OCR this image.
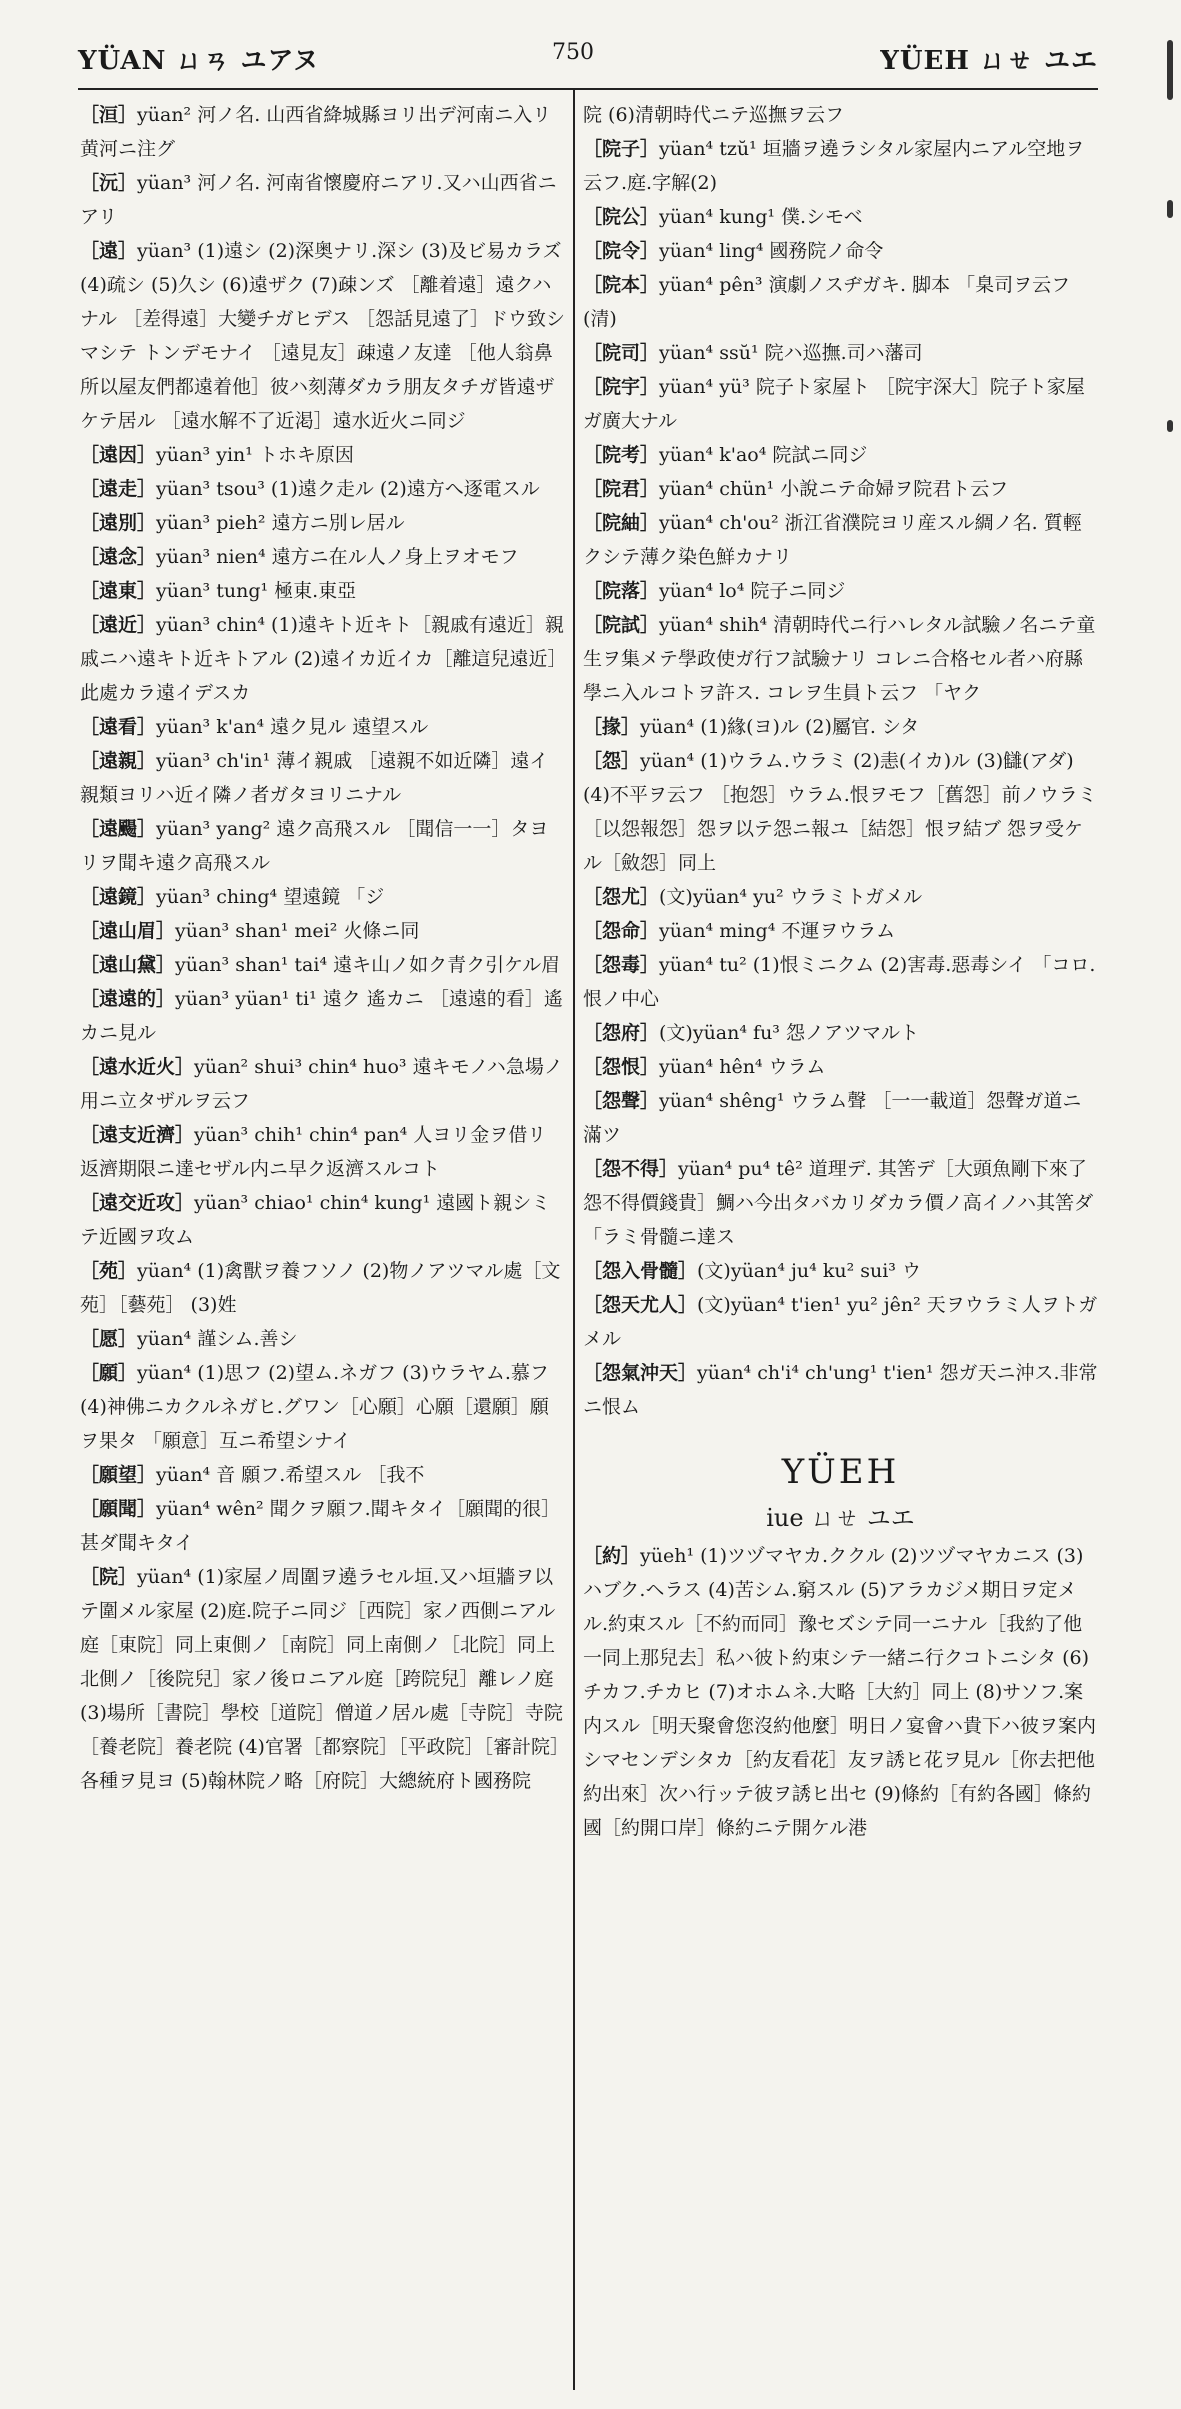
YÜAN ㄩㄢ ユアヌ	750	YÜEH ㄩㄝ ユエ

［洹］yüan² 河ノ名. 山西省絳城縣ヨリ出デ河南ニ入リ黄河ニ注グ

［沅］yüan³ 河ノ名. 河南省懷慶府ニアリ.又ハ山西省ニアリ

［遠］yüan³ (1)遠シ (2)深奥ナリ.深シ (3)及ビ易カラズ (4)疏シ (5)久シ (6)遠ザク (7)疎ンズ ［離着遠］遠クハナル ［差得遠］大變チガヒデス ［怨話見遠了］ドウ致シマシテ トンデモナイ ［遠見友］疎遠ノ友達 ［他人翁鼻所以屋友們都遠着他］彼ハ刻薄ダカラ朋友タチガ皆遠ザケテ居ル ［遠水解不了近渇］遠水近火ニ同ジ

［遠因］yüan³ yin¹ トホキ原因

［遠走］yüan³ tsou³ (1)遠ク走ル (2)遠方へ逐電スル

［遠別］yüan³ pieh² 遠方ニ別レ居ル

［遠念］yüan³ nien⁴ 遠方ニ在ル人ノ身上ヲオモフ

［遠東］yüan³ tung¹ 極東.東亞

［遠近］yüan³ chin⁴ (1)遠キト近キト［親戚有遠近］親戚ニハ遠キト近キトアル (2)遠イカ近イカ［離這兒遠近］此處カラ遠イデスカ

［遠看］yüan³ k'an⁴ 遠ク見ル 遠望スル

［遠親］yüan³ ch'in¹ 薄イ親戚 ［遠親不如近隣］遠イ親類ヨリハ近イ隣ノ者ガタヨリニナル

［遠颺］yüan³ yang² 遠ク高飛スル ［聞信一一］タヨリヲ聞キ遠ク高飛スル

［遠鏡］yüan³ ching⁴ 望遠鏡 「ジ

［遠山眉］yüan³ shan¹ mei² 火條ニ同

［遠山黛］yüan³ shan¹ tai⁴ 遠キ山ノ如ク青ク引ケル眉

［遠遠的］yüan³ yüan¹ ti¹ 遠ク 遙カニ ［遠遠的看］遙カニ見ル

［遠水近火］yüan² shui³ chin⁴ huo³ 遠キモノハ急場ノ用ニ立タザルヲ云フ

［遠支近濟］yüan³ chih¹ chin⁴ pan⁴ 人ヨリ金ヲ借リ返濟期限ニ達セザル内ニ早ク返濟スルコト

［遠交近攻］yüan³ chiao¹ chin⁴ kung¹ 遠國ト親シミテ近國ヲ攻ム

［苑］yüan⁴ (1)禽獸ヲ養フソノ (2)物ノアツマル處［文苑］［藝苑］ (3)姓

［愿］yüan⁴ 謹シム.善シ

［願］yüan⁴ (1)思フ (2)望ム.ネガフ (3)ウラヤム.慕フ (4)神佛ニカクルネガヒ.グワン［心願］心願［還願］願ヲ果タ 「願意］互ニ希望シナイ

［願望］yüan⁴ 音 願フ.希望スル ［我不

［願聞］yüan⁴ wên² 聞クヲ願フ.聞キタイ［願聞的很］甚ダ聞キタイ

［院］yüan⁴ (1)家屋ノ周圍ヲ遶ラセル垣.又ハ垣牆ヲ以テ圍メル家屋 (2)庭.院子ニ同ジ［西院］家ノ西側ニアル庭［東院］同上東側ノ［南院］同上南側ノ［北院］同上北側ノ［後院兒］家ノ後ロニアル庭［跨院兒］離レノ庭 (3)場所［書院］學校［道院］僧道ノ居ル處［寺院］寺院［養老院］養老院 (4)官署［都察院］［平政院］［審計院］各種ヲ見ヨ (5)翰林院ノ略［府院］大總統府ト國務院

院 (6)清朝時代ニテ巡撫ヲ云フ

［院子］yüan⁴ tzŭ¹ 垣牆ヲ遶ラシタル家屋内ニアル空地ヲ云フ.庭.字解(2)

［院公］yüan⁴ kung¹ 僕.シモベ

［院令］yüan⁴ ling⁴ 國務院ノ命令

［院本］yüan⁴ pên³ 演劇ノスヂガキ. 脚本 「臬司ヲ云フ(清)

［院司］yüan⁴ ssŭ¹ 院ハ巡撫.司ハ藩司

［院宇］yüan⁴ yü³ 院子ト家屋ト ［院宇深大］院子ト家屋ガ廣大ナル

［院考］yüan⁴ k'ao⁴ 院試ニ同ジ

［院君］yüan⁴ chün¹ 小說ニテ命婦ヲ院君ト云フ

［院紬］yüan⁴ ch'ou² 浙江省濮院ヨリ産スル綢ノ名. 質輕クシテ薄ク染色鮮カナリ

［院落］yüan⁴ lo⁴ 院子ニ同ジ

［院試］yüan⁴ shih⁴ 清朝時代ニ行ハレタル試驗ノ名ニテ童生ヲ集メテ學政使ガ行フ試驗ナリ コレニ合格セル者ハ府縣學ニ入ルコトヲ許ス. コレヲ生員ト云フ 「ヤク

［掾］yüan⁴ (1)緣(ヨ)ル (2)屬官. シタ

［怨］yüan⁴ (1)ウラム.ウラミ (2)恚(イカ)ル (3)讎(アダ) (4)不平ヲ云フ ［抱怨］ウラム.恨ヲモフ［舊怨］前ノウラミ［以怨報怨］怨ヲ以テ怨ニ報ユ［結怨］恨ヲ結ブ 怨ヲ受ケル［斂怨］同上

［怨尤］(文)yüan⁴ yu² ウラミトガメル

［怨命］yüan⁴ ming⁴ 不運ヲウラム

［怨毒］yüan⁴ tu² (1)恨ミニクム (2)害毒.惡毒シイ 「コロ.恨ノ中心

［怨府］(文)yüan⁴ fu³ 怨ノアツマルト

［怨恨］yüan⁴ hên⁴ ウラム

［怨聲］yüan⁴ shêng¹ ウラム聲 ［一一載道］怨聲ガ道ニ滿ツ

［怨不得］yüan⁴ pu⁴ tê² 道理デ. 其筈デ［大頭魚剛下來了怨不得價錢貴］鯛ハ今出タバカリダカラ價ノ高イノハ其筈ダ 「ラミ骨髓ニ達ス

［怨入骨髓］(文)yüan⁴ ju⁴ ku² sui³ ウ

［怨天尤人］(文)yüan⁴ t'ien¹ yu² jên² 天ヲウラミ人ヲトガメル

［怨氣沖天］yüan⁴ ch'i⁴ ch'ung¹ t'ien¹ 怨ガ天ニ沖ス.非常ニ恨ム

YÜEH
iue ㄩㄝ ユエ

［約］yüeh¹ (1)ツヅマヤカ.ククル (2)ツヅマヤカニス (3)ハブク.ヘラス (4)苦シム.窮スル (5)アラカジメ期日ヲ定メル.約束スル［不約而同］豫セズシテ同一ニナル［我約了他一同上那兒去］私ハ彼ト約束シテ一緒ニ行クコトニシタ (6)チカフ.チカヒ (7)オホムネ.大略［大約］同上 (8)サソフ.案内スル［明天聚會您沒約他麼］明日ノ宴會ハ貴下ハ彼ヲ案内シマセンデシタカ［約友看花］友ヲ誘ヒ花ヲ見ル［你去把他約出來］次ハ行ッテ彼ヲ誘ヒ出セ (9)條約［有約各國］條約國［約開口岸］條約ニテ開ケル港
